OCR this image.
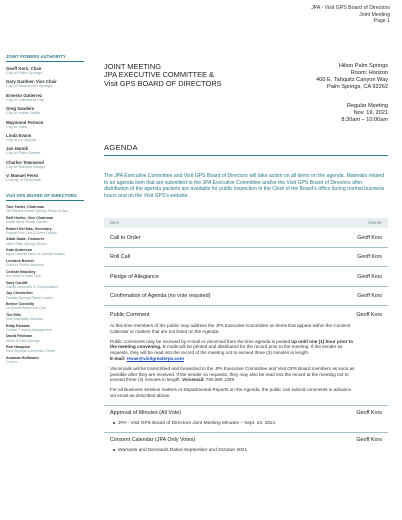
JPA - Visit GPS Board of Directors
Joint Meeting
Page 1
JOINT POWERS AUTHORITY
Geoff Kors, Chair
City of Palm Springs
Gary Gardner, Vice Chair
City of Desert Hot Springs
Ernesto Gutierrez
City of Cathedral City
Greg Sanders
City of Indian Wells
Waymond Fermon
City of Indio
Linda Evans
City of La Quinta
Jan Harnik
City of Palm Desert
Charles Townsend
City of Rancho Mirage
V. Manuel Perez
County of Riverside
Visit GPS BOARD OF DIRECTORS
Tom Tabler, Chairman
JW Marriott Desert Springs Resort & Spa
Rolf Hoehn, Vice Chairman
Indian Wells Tennis Garden
Robert Del Mas, Secretary
Empire Polo Club & Event Facility
Aftab Dada, Treasurer
Hilton Palm Springs Resort
Kate Anderson
Agua Caliente Band of Cahuilla Indians
Lorraine Becker
Cotino's Pueblo Museum
Celeste Brackley
Ace Hotel & Swim Club
Gary Cardiff
Cardiff Limousine & Transportation
Jay Chesterton
Fantasy Springs Resort Casino
Bernie Connelly
La Quinta Resort and Club
Tim Ellis
Ellis Hospitality Services
Eddy Estrada
Greater Property Management
David Feldman
Hilton of Palm Springs
Ron Hampton
Palm Springs Convention Center
Amanda Hoffmann
Ozzie's
JOINT MEETING
JPA EXECUTIVE COMMITTEE &
Visit GPS BOARD OF DIRECTORS
Hilton Palm Springs
Room: Horizon
400 E. Tahquitz Canyon Way
Palm Springs, CA 92262
Regular Meeting
Nov. 19, 2021
8:30am – 10:00am
AGENDA
The JPA Executive Committee and Visit GPS Board of Directors will take action on all items on the agenda. Materials related to an agenda item that are submitted to the JPA Executive Committee and/or the Visit GPS Board of Directors after distribution of the agenda packets are available for public inspection in the Clerk of the Board's office during normal business hours and on the Visit GPS's website.
Item	Owner
Call to Order	Geoff Kors
Roll Call	Geoff Kors
Pledge of Allegiance	Geoff Kors
Confirmation of Agenda (no vote required)	Geoff Kors
Public Comment	Geoff Kors
At this time members of the public may address the JPA Executive Committee on items that appear within the Consent Calendar or matters that are not listed on the Agenda.
Public comments may be received by e-mail or voicemail from the time agenda is posted up until one (1) hour prior to the meeting convening. E-mails will be printed and distributed for the record prior to the meeting. If the sender so requests, they will be read into the record of the meeting not to exceed three (3) minutes in length.
E-mail: revae@visitgreaterps.com
Voicemails will be transcribed and forwarded to the JPA Executive Committee and Visit GPS Board members as soon as possible after they are received. If the sender so requests, they may also be read into the record at the meeting not to exceed three (3) minutes in length. Voicemail: 760.969.1309
For all Business Session matters or Departmental Reports on the Agenda, the public can submit comments in advance via email as described above.
Approval of Minutes (All Vote)	Geoff Kors
JPA - Visit GPS Board of Directors Joint Meeting Minutes – Sept. 24, 2021
Consent Calendar (JPA Only Votes)	Geoff Kors
Warrants and Demands Dated September and October 2021
